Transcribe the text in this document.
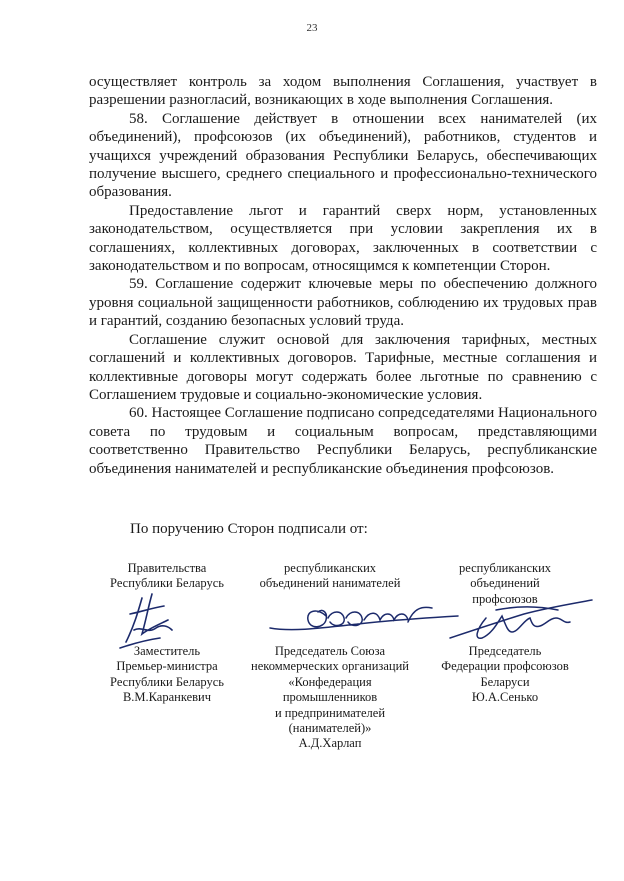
23

осуществляет контроль за ходом выполнения Соглашения, участвует в разрешении разногласий, возникающих в ходе выполнения Соглашения.

58. Соглашение действует в отношении всех нанимателей (их объединений), профсоюзов (их объединений), работников, студентов и учащихся учреждений образования Республики Беларусь, обеспечивающих получение высшего, среднего специального и профессионально-технического образования.

Предоставление льгот и гарантий сверх норм, установленных законодательством, осуществляется при условии закрепления их в соглашениях, коллективных договорах, заключенных в соответствии с законодательством и по вопросам, относящимся к компетенции Сторон.

59. Соглашение содержит ключевые меры по обеспечению должного уровня социальной защищенности работников, соблюдению их трудовых прав и гарантий, созданию безопасных условий труда.

Соглашение служит основой для заключения тарифных, местных соглашений и коллективных договоров. Тарифные, местные соглашения и коллективные договоры могут содержать более льготные по сравнению с Соглашением трудовые и социально-экономические условия.

60. Настоящее Соглашение подписано сопредседателями Национального совета по трудовым и социальным вопросам, представляющими соответственно Правительство Республики Беларусь, республиканские объединения нанимателей и республиканские объединения профсоюзов.

По поручению Сторон подписали от:
Правительства
Республики Беларусь
Заместитель
Премьер-министра
Республики Беларусь
В.М.Каранкевич
республиканских
объединений нанимателей
Председатель Союза
некоммерческих организаций
«Конфедерация
промышленников
и предпринимателей
(нанимателей)»
А.Д.Харлап
республиканских
объединений
профсоюзов
Председатель
Федерации профсоюзов
Беларуси
Ю.А.Сенько
